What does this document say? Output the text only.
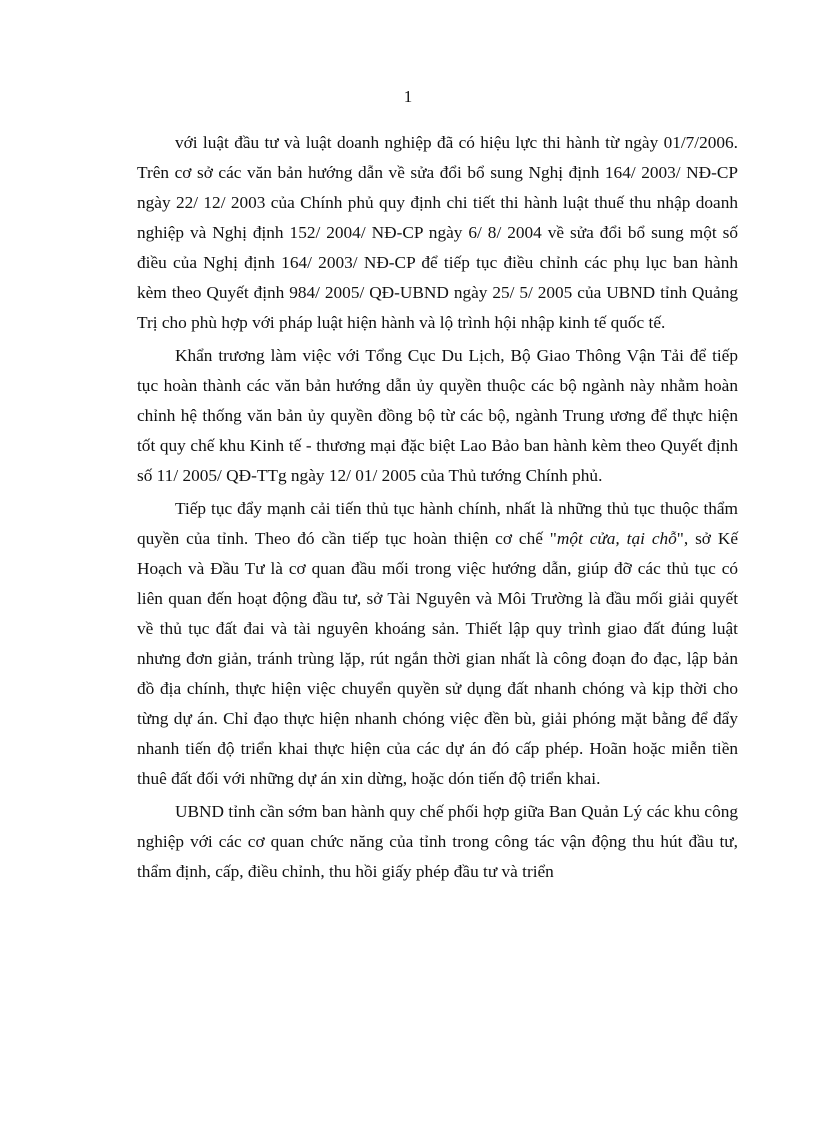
1

với luật đầu tư và luật doanh nghiệp đã có hiệu lực thi hành từ ngày 01/7/2006. Trên cơ sở các văn bản hướng dẫn về sửa đổi bổ sung Nghị định 164/ 2003/ NĐ-CP ngày 22/ 12/ 2003 của Chính phủ quy định chi tiết thi hành luật thuế thu nhập doanh nghiệp và Nghị định 152/ 2004/ NĐ-CP ngày 6/ 8/ 2004 về sửa đổi bổ sung một số điều của Nghị định 164/ 2003/ NĐ-CP để tiếp tục điều chỉnh các phụ lục ban hành kèm theo Quyết định 984/ 2005/ QĐ-UBND ngày 25/ 5/ 2005 của UBND tỉnh Quảng Trị cho phù hợp với pháp luật hiện hành và lộ trình hội nhập kinh tế quốc tế.

Khẩn trương làm việc với Tổng Cục Du Lịch, Bộ Giao Thông Vận Tải để tiếp tục hoàn thành các văn bản hướng dẫn ủy quyền thuộc các bộ ngành này nhằm hoàn chỉnh hệ thống văn bản ủy quyền đồng bộ từ các bộ, ngành Trung ương để thực hiện tốt quy chế khu Kinh tế - thương mại đặc biệt Lao Bảo ban hành kèm theo Quyết định số 11/ 2005/ QĐ-TTg ngày 12/ 01/ 2005 của Thủ tướng Chính phủ.

Tiếp tục đẩy mạnh cải tiến thủ tục hành chính, nhất là những thủ tục thuộc thẩm quyền của tỉnh. Theo đó cần tiếp tục hoàn thiện cơ chế "một cửa, tại chỗ", sở Kế Hoạch và Đầu Tư là cơ quan đầu mối trong việc hướng dẫn, giúp đỡ các thủ tục có liên quan đến hoạt động đầu tư, sở Tài Nguyên và Môi Trường là đầu mối giải quyết về thủ tục đất đai và tài nguyên khoáng sản. Thiết lập quy trình giao đất đúng luật nhưng đơn giản, tránh trùng lặp, rút ngắn thời gian nhất là công đoạn đo đạc, lập bản đồ địa chính, thực hiện việc chuyển quyền sử dụng đất nhanh chóng và kịp thời cho từng dự án. Chỉ đạo thực hiện nhanh chóng việc đền bù, giải phóng mặt bằng để đẩy nhanh tiến độ triển khai thực hiện của các dự án đó cấp phép. Hoãn hoặc miễn tiền thuê đất đối với những dự án xin dừng, hoặc dón tiến độ triển khai.

UBND tỉnh cần sớm ban hành quy chế phối hợp giữa Ban Quản Lý các khu công nghiệp với các cơ quan chức năng của tỉnh trong công tác vận động thu hút đầu tư, thẩm định, cấp, điều chỉnh, thu hồi giấy phép đầu tư và triển
